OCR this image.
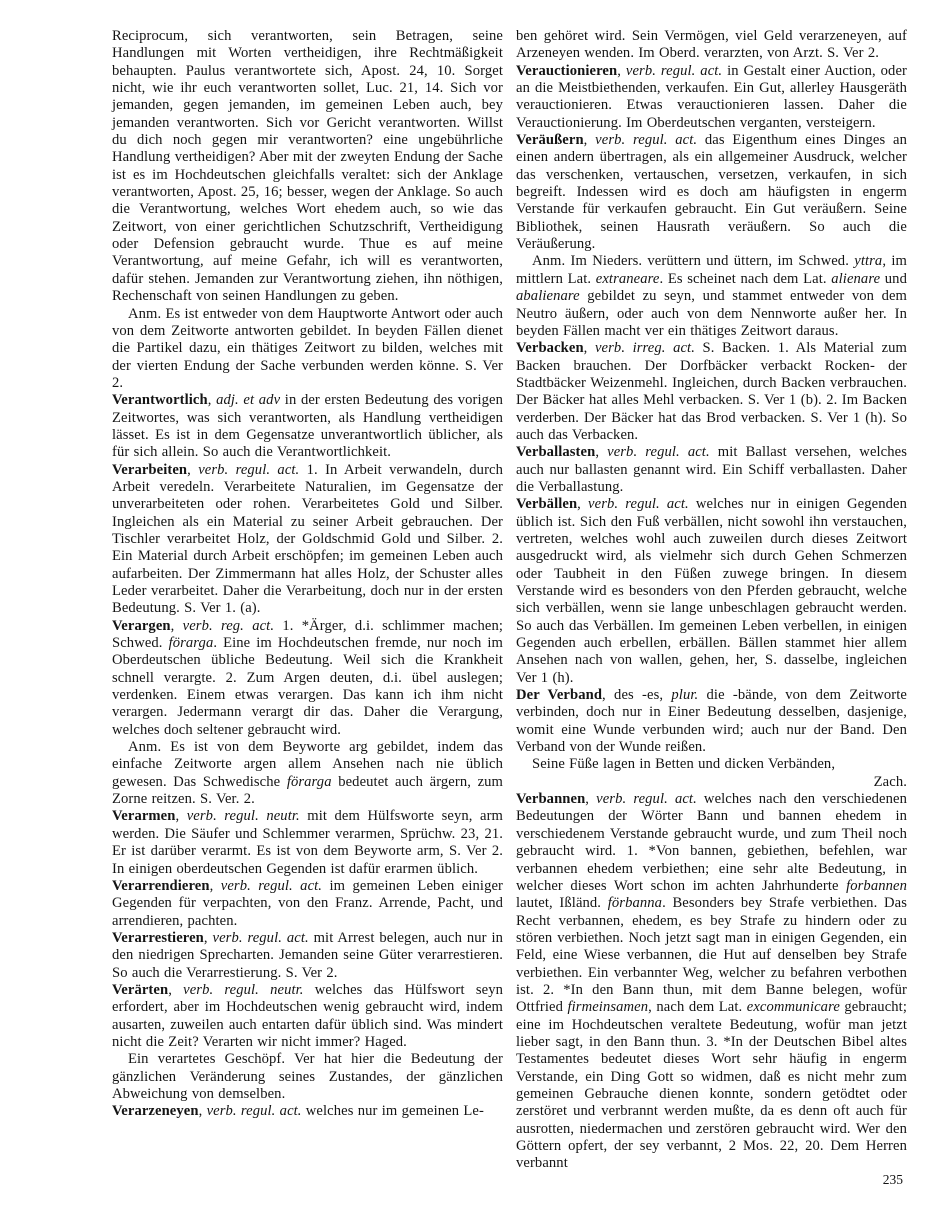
Reciprocum, sich verantworten, sein Betragen, seine Handlungen mit Worten vertheidigen, ihre Rechtmäßigkeit behaupten. Paulus verantwortete sich, Apost. 24, 10. Sorget nicht, wie ihr euch verantworten sollet, Luc. 21, 14. Sich vor jemanden, gegen jemanden, im gemeinen Leben auch, bey jemanden verantworten. Sich vor Gericht verantworten. Willst du dich noch gegen mir verantworten? eine ungebührliche Handlung vertheidigen? Aber mit der zweyten Endung der Sache ist es im Hochdeutschen gleichfalls veraltet: sich der Anklage verantworten, Apost. 25, 16; besser, wegen der Anklage. So auch die Verantwortung, welches Wort ehedem auch, so wie das Zeitwort, von einer gerichtlichen Schutzschrift, Vertheidigung oder Defension gebraucht wurde. Thue es auf meine Verantwortung, auf meine Gefahr, ich will es verantworten, dafür stehen. Jemanden zur Verantwortung ziehen, ihn nöthigen, Rechenschaft von seinen Handlungen zu geben.

Anm. Es ist entweder von dem Hauptworte Antwort oder auch von dem Zeitworte antworten gebildet. In beyden Fällen dienet die Partikel dazu, ein thätiges Zeitwort zu bilden, welches mit der vierten Endung der Sache verbunden werden könne. S. Ver 2.

Verantwortlich, adj. et adv in der ersten Bedeutung des vorigen Zeitwortes, was sich verantworten, als Handlung vertheidigen lässet. Es ist in dem Gegensatze unverantwortlich üblicher, als für sich allein. So auch die Verantwortlichkeit.

Verarbeiten, verb. regul. act. 1. In Arbeit verwandeln, durch Arbeit veredeln. Verarbeitete Naturalien, im Gegensatze der unverarbeiteten oder rohen. Verarbeitetes Gold und Silber. Ingleichen als ein Material zu seiner Arbeit gebrauchen. Der Tischler verarbeitet Holz, der Goldschmid Gold und Silber. 2. Ein Material durch Arbeit erschöpfen; im gemeinen Leben auch aufarbeiten. Der Zimmermann hat alles Holz, der Schuster alles Leder verarbeitet. Daher die Verarbeitung, doch nur in der ersten Bedeutung. S. Ver 1. (a).

Verargen, verb. reg. act. 1. *Ärger, d.i. schlimmer machen; Schwed. förarga. Eine im Hochdeutschen fremde, nur noch im Oberdeutschen übliche Bedeutung. Weil sich die Krankheit schnell verargte. 2. Zum Argen deuten, d.i. übel auslegen; verdenken. Einem etwas verargen. Das kann ich ihm nicht verargen. Jedermann verargt dir das. Daher die Verargung, welches doch seltener gebraucht wird.

Anm. Es ist von dem Beyworte arg gebildet, indem das einfache Zeitworte argen allem Ansehen nach nie üblich gewesen. Das Schwedische förarga bedeutet auch ärgern, zum Zorne reitzen. S. Ver. 2.

Verarmen, verb. regul. neutr. mit dem Hülfsworte seyn, arm werden. Die Säufer und Schlemmer verarmen, Sprüchw. 23, 21. Er ist darüber verarmt. Es ist von dem Beyworte arm, S. Ver 2. In einigen oberdeutschen Gegenden ist dafür erarmen üblich.

Verarrendieren, verb. regul. act. im gemeinen Leben einiger Gegenden für verpachten, von den Franz. Arrende, Pacht, und arrendieren, pachten.

Verarrestieren, verb. regul. act. mit Arrest belegen, auch nur in den niedrigen Sprecharten. Jemanden seine Güter verarrestieren. So auch die Verarrestierung. S. Ver 2.

Verärten, verb. regul. neutr. welches das Hülfswort seyn erfordert, aber im Hochdeutschen wenig gebraucht wird, indem ausarten, zuweilen auch entarten dafür üblich sind. Was mindert nicht die Zeit? Verarten wir nicht immer? Haged.

Ein verartetes Geschöpf. Ver hat hier die Bedeutung der gänzlichen Veränderung seines Zustandes, der gänzlichen Abweichung von demselben.

Verarzeneyen, verb. regul. act. welches nur im gemeinen Le-

ben gehöret wird. Sein Vermögen, viel Geld verarzeneyen, auf Arzeneyen wenden. Im Oberd. verarzten, von Arzt. S. Ver 2.

Verauctionieren, verb. regul. act. in Gestalt einer Auction, oder an die Meistbiethenden, verkaufen. Ein Gut, allerley Hausgeräth verauctionieren. Etwas verauctionieren lassen. Daher die Verauctionierung. Im Oberdeutschen verganten, versteigern.

Veräußern, verb. regul. act. das Eigenthum eines Dinges an einen andern übertragen, als ein allgemeiner Ausdruck, welcher das verschenken, vertauschen, versetzen, verkaufen, in sich begreift. Indessen wird es doch am häufigsten in engerm Verstande für verkaufen gebraucht. Ein Gut veräußern. Seine Bibliothek, seinen Hausrath veräußern. So auch die Veräußerung.

Anm. Im Nieders. verüttern und üttern, im Schwed. yttra, im mittlern Lat. extraneare. Es scheinet nach dem Lat. alienare und abalienare gebildet zu seyn, und stammet entweder von dem Neutro äußern, oder auch von dem Nennworte außer her. In beyden Fällen macht ver ein thätiges Zeitwort daraus.

Verbacken, verb. irreg. act. S. Backen. 1. Als Material zum Backen brauchen. Der Dorfbäcker verbackt Rocken- der Stadtbäcker Weizenmehl. Ingleichen, durch Backen verbrauchen. Der Bäcker hat alles Mehl verbacken. S. Ver 1 (b). 2. Im Backen verderben. Der Bäcker hat das Brod verbacken. S. Ver 1 (h). So auch das Verbacken.

Verballasten, verb. regul. act. mit Ballast versehen, welches auch nur ballasten genannt wird. Ein Schiff verballasten. Daher die Verballastung.

Verbällen, verb. regul. act. welches nur in einigen Gegenden üblich ist. Sich den Fuß verbällen, nicht sowohl ihn verstauchen, vertreten, welches wohl auch zuweilen durch dieses Zeitwort ausgedruckt wird, als vielmehr sich durch Gehen Schmerzen oder Taubheit in den Füßen zuwege bringen. In diesem Verstande wird es besonders von den Pferden gebraucht, welche sich verbällen, wenn sie lange unbeschlagen gebraucht werden. So auch das Verbällen. Im gemeinen Leben verbellen, in einigen Gegenden auch erbellen, erbällen. Bällen stammet hier allem Ansehen nach von wallen, gehen, her, S. dasselbe, ingleichen Ver 1 (h).

Der Verband, des -es, plur. die -bände, von dem Zeitworte verbinden, doch nur in Einer Bedeutung desselben, dasjenige, womit eine Wunde verbunden wird; auch nur der Band. Den Verband von der Wunde reißen.

Seine Füße lagen in Betten und dicken Verbänden,

Zach.

Verbannen, verb. regul. act. welches nach den verschiedenen Bedeutungen der Wörter Bann und bannen ehedem in verschiedenem Verstande gebraucht wurde, und zum Theil noch gebraucht wird. 1. *Von bannen, gebiethen, befehlen, war verbannen ehedem verbiethen; eine sehr alte Bedeutung, in welcher dieses Wort schon im achten Jahrhunderte forbannen lautet, Ißländ. förbanna. Besonders bey Strafe verbiethen. Das Recht verbannen, ehedem, es bey Strafe zu hindern oder zu stören verbiethen. Noch jetzt sagt man in einigen Gegenden, ein Feld, eine Wiese verbannen, die Hut auf denselben bey Strafe verbiethen. Ein verbannter Weg, welcher zu befahren verbothen ist. 2. *In den Bann thun, mit dem Banne belegen, wofür Ottfried firmeinsamen, nach dem Lat. excommunicare gebraucht; eine im Hochdeutschen veraltete Bedeutung, wofür man jetzt lieber sagt, in den Bann thun. 3. *In der Deutschen Bibel altes Testamentes bedeutet dieses Wort sehr häufig in engerm Verstande, ein Ding Gott so widmen, daß es nicht mehr zum gemeinen Gebrauche dienen konnte, sondern getödtet oder zerstöret und verbrannt werden mußte, da es denn oft auch für ausrotten, niedermachen und zerstören gebraucht wird. Wer den Göttern opfert, der sey verbannt, 2 Mos. 22, 20. Dem Herren verbannt

235
